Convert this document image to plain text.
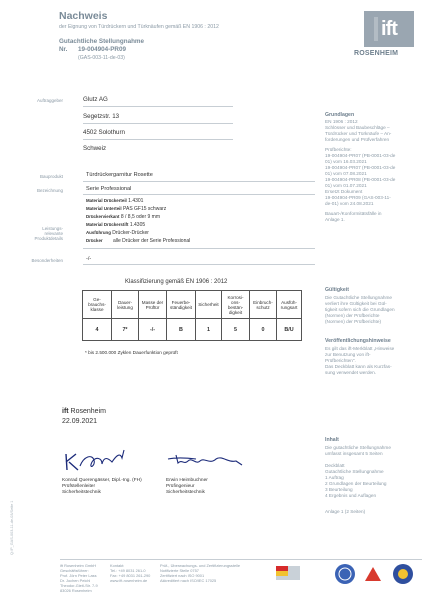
Nachweis
der Eignung von Türdrückern und Türknäufen gemäß EN 1906 : 2012
Gutachtliche Stellungnahme
Nr. 19-004904-PR09
(GAS-003-11-de-03)
ift
ROSENHEIM
Auftraggeber	Glutz AG
Segetzstr. 13
4502 Solothurn
Schweiz
Bauprodukt	Türdrückergarnitur Rosette
Bezeichnung	Serie Professional
Leistungs-
relevante
Produktdetails
Material Drückerteil 1.4301
Material Unterteil PAS GF15 schwarz
Drückervierkant 8 / 8,5 oder 9 mm
Material Drückerstift 1.4305
Ausführung Drücker-Drücker
Drücker alle Drücker der Serie Professional
Besonderheiten	-/-
Klassifizierung gemäß EN 1906 : 2012
Ge-
brauchs-
klasse	Dauer-
leistung	Masse der
Prüftür	Feuerbe-
ständigkeit	Sicherheit	Korrosi-
ons-
bestän-
digkeit	Einbruch-
schutz	Ausfüh-
rungsart
4	7*	-/-	B	1	5	0	B/U
* bis 2.500.000 Zyklen Dauerfunktion geprüft
ift Rosenheim
22.09.2021
Konrad Querengässer, Dipl.-Ing. (FH)
Prüfstellenleiter
Sicherheitstechnik
Erwin Heimbuchner
Prüfingenieur
Sicherheitstechnik
Grundlagen
EN 1906 : 2012
Schlösser und Baubeschläge –
Türdrücker und Türknäufe – An-
forderungen und Prüfverfahren
Prüfberichte:
19-004904-PR07 (PB-0001-03-de
01) vom 16.03.2021
19-004904-PR07 (PB-0001-03-de
01) vom 07.08.2021
19-004904-PR08 (PB-0001-03-de
01) vom 01.07.2021
Ersetzt Dokument
19-004904-PR09 (GAS-003-11-
de-01) vom 24.08.2021
Bauart-/Konformitätsfälle in
Anlage 1.
Gültigkeit
Die Gutachtliche Stellungnahme
verliert ihre Gültigkeit bei Gül-
tigkeit sofern sich die Grundlagen
(Normen) der Prüfberichte
(Normen) der Prüfberichte)
Veröffentlichungshinweise
Es gilt das ift-Merkblatt „Hinweise
zur Benutzung von ift-
Prüfberichten".
Das Deckblatt kann als Kurzfas-
sung verwendet werden.
Inhalt
Die gutachtliche Stellungnahme
umfasst insgesamt 5 Seiten
Deckblatt
Gutachtliche Stellungnahme
1 Auftrag
2 Grundlagen der Beurteilung
3 Beurteilung
4 Ergebnis und Auflagen
Anlage 1 (2 Seiten)
Q:/P_GAS-003-11-de-03/Seite 1
ift Rosenheim GmbH
Geschäftsführer:
Prof. Jörn Peter Lass
Dr. Jochen Peichl
Theodor-Gietl-Str. 7-9
83026 Rosenheim
Kontakt:
Tel.: +49 8031 261-0
Fax: +49 8031 261-290
www.ift-rosenheim.de
Prüf-, Überwachungs- und Zertifizierungsstelle
Notifizierte Stelle 0757
Zertifiziert nach ISO 9001
Akkreditiert nach ISO/IEC 17025
